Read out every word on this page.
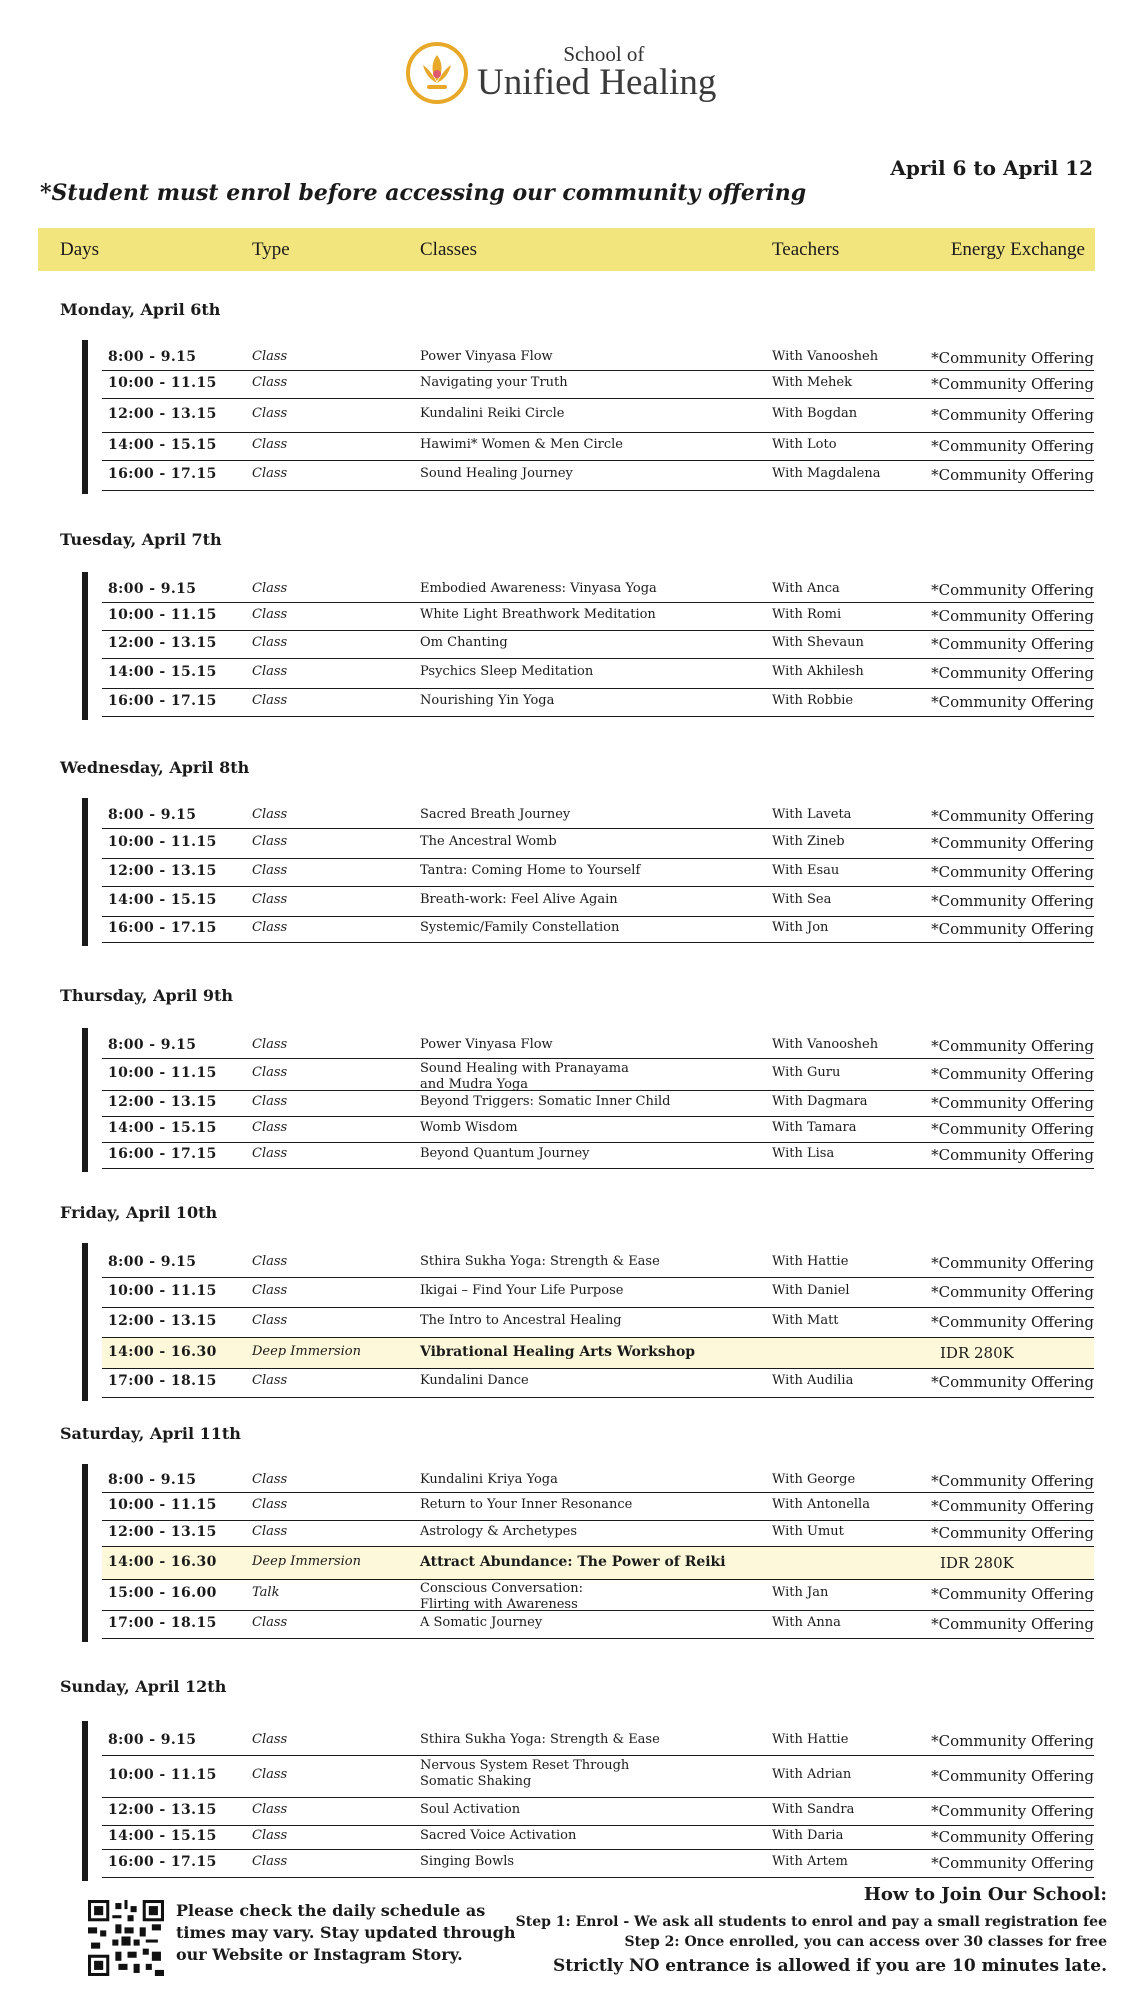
School of
Unified Healing
April 6 to April 12
*Student must enrol before accessing our community offering
Days	Type	Classes	Teachers	Energy Exchange
Monday, April 6th
8:00 - 9.15	Class	Power Vinyasa Flow	With Vanoosheh	*Community Offering
10:00 - 11.15	Class	Navigating your Truth	With Mehek	*Community Offering
12:00 - 13.15	Class	Kundalini Reiki Circle	With Bogdan	*Community Offering
14:00 - 15.15	Class	Hawimi* Women & Men Circle	With Loto	*Community Offering
16:00 - 17.15	Class	Sound Healing Journey	With Magdalena	*Community Offering
Tuesday, April 7th
8:00 - 9.15	Class	Embodied Awareness: Vinyasa Yoga	With Anca	*Community Offering
10:00 - 11.15	Class	White Light Breathwork Meditation	With Romi	*Community Offering
12:00 - 13.15	Class	Om Chanting	With Shevaun	*Community Offering
14:00 - 15.15	Class	Psychics Sleep Meditation	With Akhilesh	*Community Offering
16:00 - 17.15	Class	Nourishing Yin Yoga	With Robbie	*Community Offering
Wednesday, April 8th
8:00 - 9.15	Class	Sacred Breath Journey	With Laveta	*Community Offering
10:00 - 11.15	Class	The Ancestral Womb	With Zineb	*Community Offering
12:00 - 13.15	Class	Tantra: Coming Home to Yourself	With Esau	*Community Offering
14:00 - 15.15	Class	Breath-work: Feel Alive Again	With Sea	*Community Offering
16:00 - 17.15	Class	Systemic/Family Constellation	With Jon	*Community Offering
Thursday, April 9th
8:00 - 9.15	Class	Power Vinyasa Flow	With Vanoosheh	*Community Offering
10:00 - 11.15	Class	Sound Healing with Pranayama
and Mudra Yoga
With Guru	*Community Offering
12:00 - 13.15	Class	Beyond Triggers: Somatic Inner Child	With Dagmara	*Community Offering
14:00 - 15.15	Class	Womb Wisdom	With Tamara	*Community Offering
16:00 - 17.15	Class	Beyond Quantum Journey	With Lisa	*Community Offering
Friday, April 10th
8:00 - 9.15	Class	Sthira Sukha Yoga: Strength & Ease	With Hattie	*Community Offering
10:00 - 11.15	Class	Ikigai – Find Your Life Purpose	With Daniel	*Community Offering
12:00 - 13.15	Class	The Intro to Ancestral Healing	With Matt	*Community Offering
14:00 - 16.30	Deep Immersion	Vibrational Healing Arts Workshop	IDR 280K
17:00 - 18.15	Class	Kundalini Dance	With Audilia	*Community Offering
Saturday, April 11th
8:00 - 9.15	Class	Kundalini Kriya Yoga	With George	*Community Offering
10:00 - 11.15	Class	Return to Your Inner Resonance	With Antonella	*Community Offering
12:00 - 13.15	Class	Astrology & Archetypes	With Umut	*Community Offering
14:00 - 16.30	Deep Immersion	Attract Abundance: The Power of Reiki	IDR 280K
15:00 - 16.00	Talk	Conscious Conversation:
Flirting with Awareness
With Jan	*Community Offering
17:00 - 18.15	Class	A Somatic Journey	With Anna	*Community Offering
Sunday, April 12th
8:00 - 9.15	Class	Sthira Sukha Yoga: Strength & Ease	With Hattie	*Community Offering
10:00 - 11.15	Class
Nervous System Reset Through
Somatic Shaking	With Adrian	*Community Offering
12:00 - 13.15	Class	Soul Activation	With Sandra	*Community Offering
14:00 - 15.15	Class	Sacred Voice Activation	With Daria	*Community Offering
16:00 - 17.15	Class	Singing Bowls	With Artem	*Community Offering
Please check the daily schedule as times may vary. Stay updated through our Website or Instagram Story.
How to Join Our School:
Step 1: Enrol - We ask all students to enrol and pay a small registration fee
Step 2: Once enrolled, you can access over 30 classes for free
Strictly NO entrance is allowed if you are 10 minutes late.
